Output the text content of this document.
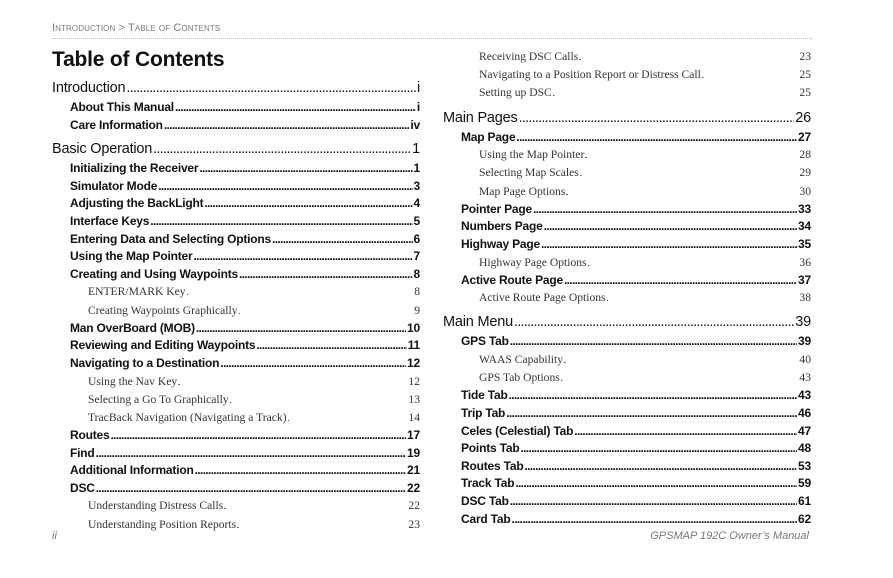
Introduction > Table of Contents
Table of Contents
Introduction . . .	i
About This Manual . . .	i
Care Information . . .	iv
Basic Operation . . .	1
Initializing the Receiver . . .	1
Simulator Mode . . .	3
Adjusting the BackLight . . .	4
Interface Keys . . .	5
Entering Data and Selecting Options . . .	6
Using the Map Pointer . . .	7
Creating and Using Waypoints . . .	8
ENTER/MARK Key . . .	8
Creating Waypoints Graphically . . .	9
Man OverBoard (MOB) . . .	10
Reviewing and Editing Waypoints . . .	11
Navigating to a Destination . . .	12
Using the Nav Key . . .	12
Selecting a Go To Graphically . . .	13
TracBack Navigation (Navigating a Track) . . .	14
Routes . . .	17
Find . . .	19
Additional Information . . .	21
DSC . . .	22
Understanding Distress Calls . . .	22
Understanding Position Reports . . .	23
Receiving DSC Calls . . .	23
Navigating to a Position Report or Distress Call . . .	25
Setting up DSC . . .	25
Main Pages . . .	26
Map Page . . .	27
Using the Map Pointer . . .	28
Selecting Map Scales . . .	29
Map Page Options . . .	30
Pointer Page . . .	33
Numbers Page . . .	34
Highway Page . . .	35
Highway Page Options . . .	36
Active Route Page . . .	37
Active Route Page Options . . .	38
Main Menu . . .	39
GPS Tab . . .	39
WAAS Capability . . .	40
GPS Tab Options . . .	43
Tide Tab . . .	43
Trip Tab . . .	46
Celes (Celestial) Tab . . .	47
Points Tab . . .	48
Routes Tab . . .	53
Track Tab . . .	59
DSC Tab . . .	61
Card Tab . . .	62
ii	GPSMAP 192C Owner’s Manual
